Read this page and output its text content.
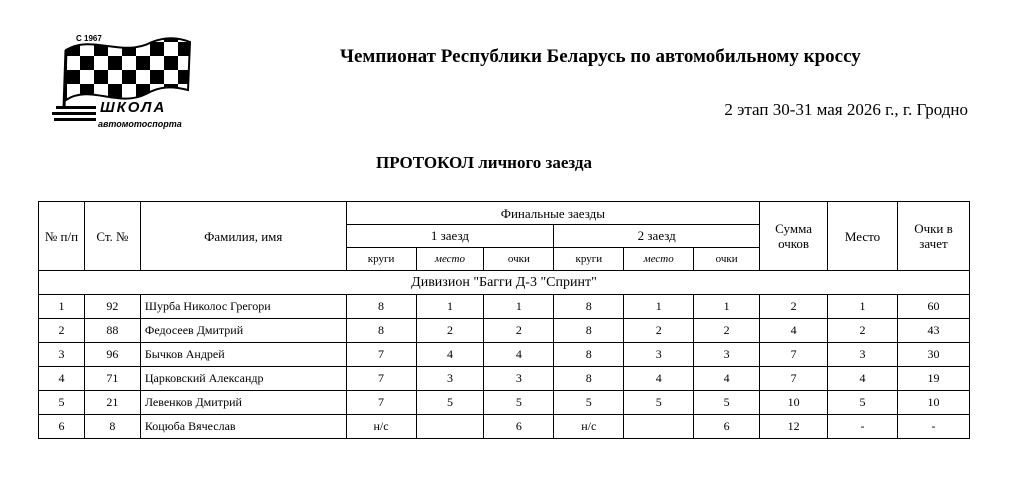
С 1967
ШКОЛА
автомотоспорта
Чемпионат Республики Беларусь по автомобильному кроссу
2 этап 30-31 мая 2026 г., г. Гродно
ПРОТОКОЛ личного заезда
№ п/п	Ст. №	Фамилия, имя	Финальные заезды						Сумма очков	Место	Очки в зачет
			1 заезд			2 заезд					
			круги	место	очки	круги	место	очки			
Дивизион "Багги Д-3 "Спринт"											
1	92	Шурба Николос Грегори	8	1	1	8	1	1	2	1	60
2	88	Федосеев Дмитрий	8	2	2	8	2	2	4	2	43
3	96	Бычков Андрей	7	4	4	8	3	3	7	3	30
4	71	Царковский Александр	7	3	3	8	4	4	7	4	19
5	21	Левенков Дмитрий	7	5	5	5	5	5	10	5	10
6	8	Коцюба Вячеслав	н/с		6	н/с		6	12	-	-
